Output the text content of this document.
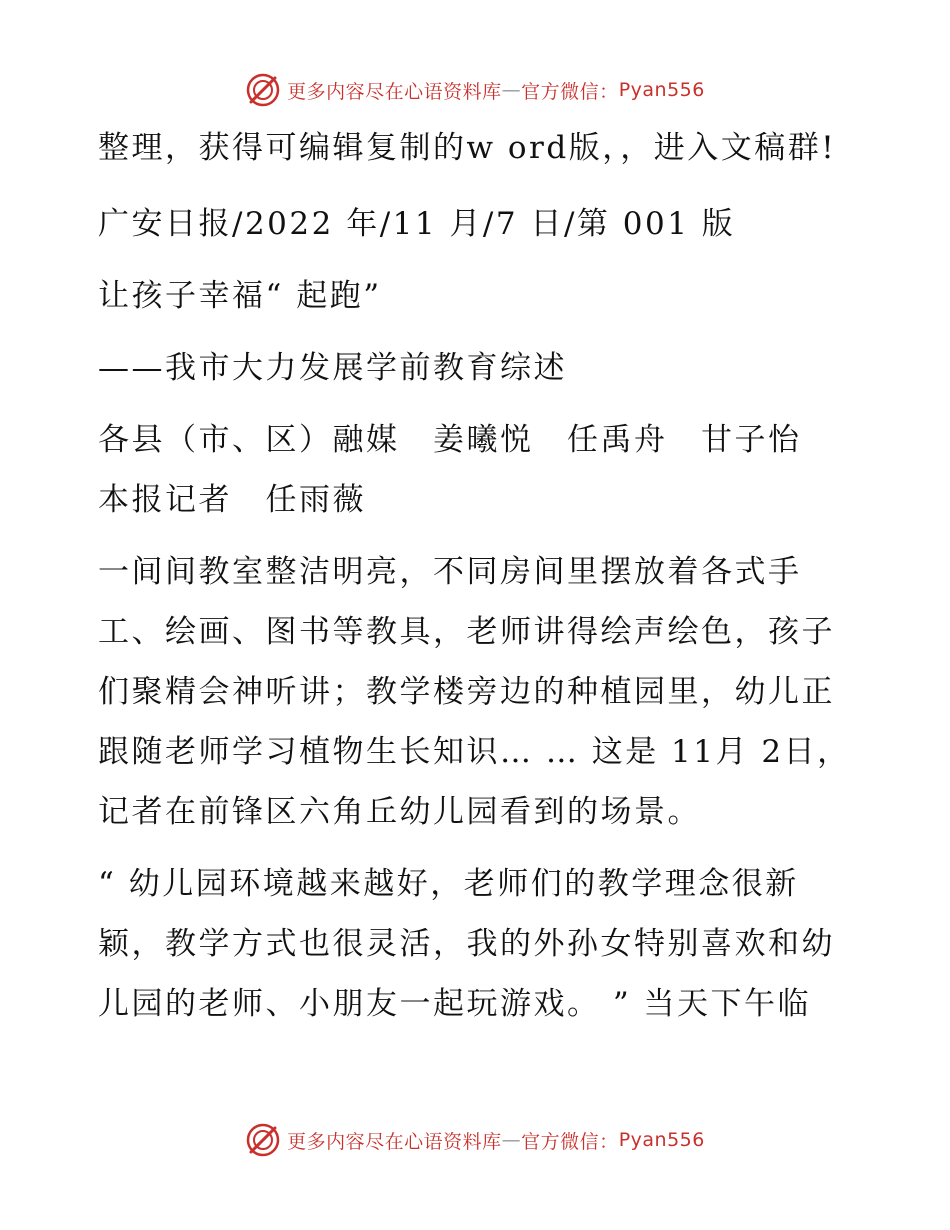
更多内容尽在心语资料库 — 官方微信： Pyan556

整理，获得可编辑复制的w ord版，，进入文稿群!

广安日报/2022 年/11 月/7 日/第 001 版

让孩子幸福“ 起跑”

——我市大力发展学前教育综述

各县（市、区）融媒　姜曦悦　任禹舟　甘子怡　本报记者　任雨薇

一间间教室整洁明亮，不同房间里摆放着各式手工、绘画、图书等教具，老师讲得绘声绘色，孩子们聚精会神听讲；教学楼旁边的种植园里，幼儿正跟随老师学习植物生长知识… … 这是 11月 2日，记者在前锋区六角丘幼儿园看到的场景。

“ 幼儿园环境越来越好，老师们的教学理念很新颖，教学方式也很灵活，我的外孙女特别喜欢和幼儿园的老师、小朋友一起玩游戏。 ” 当天下午临

更多内容尽在心语资料库 — 官方微信： Pyan556
